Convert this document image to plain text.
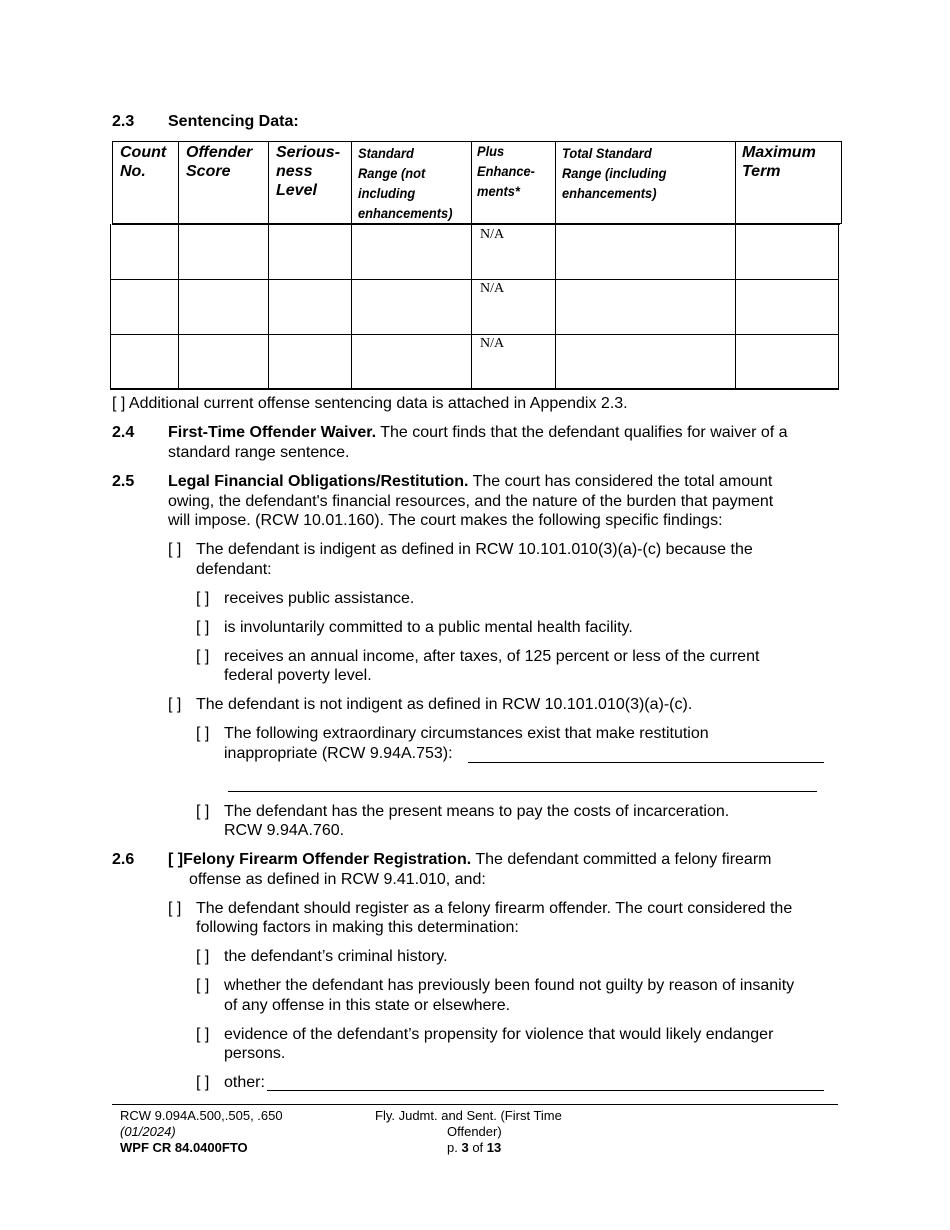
2.3 Sentencing Data:
Count
No.
Offender
Score
Serious-
ness
Level
Standard
Range (not
including
enhancements)
Plus
Enhance-
ments*
Total Standard
Range (including
enhancements)
Maximum
Term
N/A
N/A
N/A
[ ] Additional current offense sentencing data is attached in Appendix 2.3.
2.4 First-Time Offender Waiver. The court finds that the defendant qualifies for waiver of a
standard range sentence.
2.5 Legal Financial Obligations/Restitution. The court has considered the total amount
owing, the defendant's financial resources, and the nature of the burden that payment
will impose. (RCW 10.01.160). The court makes the following specific findings:
[ ] The defendant is indigent as defined in RCW 10.101.010(3)(a)-(c) because the
defendant:
[ ] receives public assistance.
[ ] is involuntarily committed to a public mental health facility.
[ ] receives an annual income, after taxes, of 125 percent or less of the current
federal poverty level.
[ ] The defendant is not indigent as defined in RCW 10.101.010(3)(a)-(c).
[ ] The following extraordinary circumstances exist that make restitution
inappropriate (RCW 9.94A.753):
[ ] The defendant has the present means to pay the costs of incarceration.
RCW 9.94A.760.
2.6 [ ]Felony Firearm Offender Registration. The defendant committed a felony firearm
offense as defined in RCW 9.41.010, and:
[ ] The defendant should register as a felony firearm offender. The court considered the
following factors in making this determination:
[ ] the defendant’s criminal history.
[ ] whether the defendant has previously been found not guilty by reason of insanity
of any offense in this state or elsewhere.
[ ] evidence of the defendant’s propensity for violence that would likely endanger
persons.
[ ] other:
RCW 9.094A.500,.505, .650
(01/2024)
WPF CR 84.0400FTO
Fly. Judmt. and Sent. (First Time
Offender)
p. 3 of 13
